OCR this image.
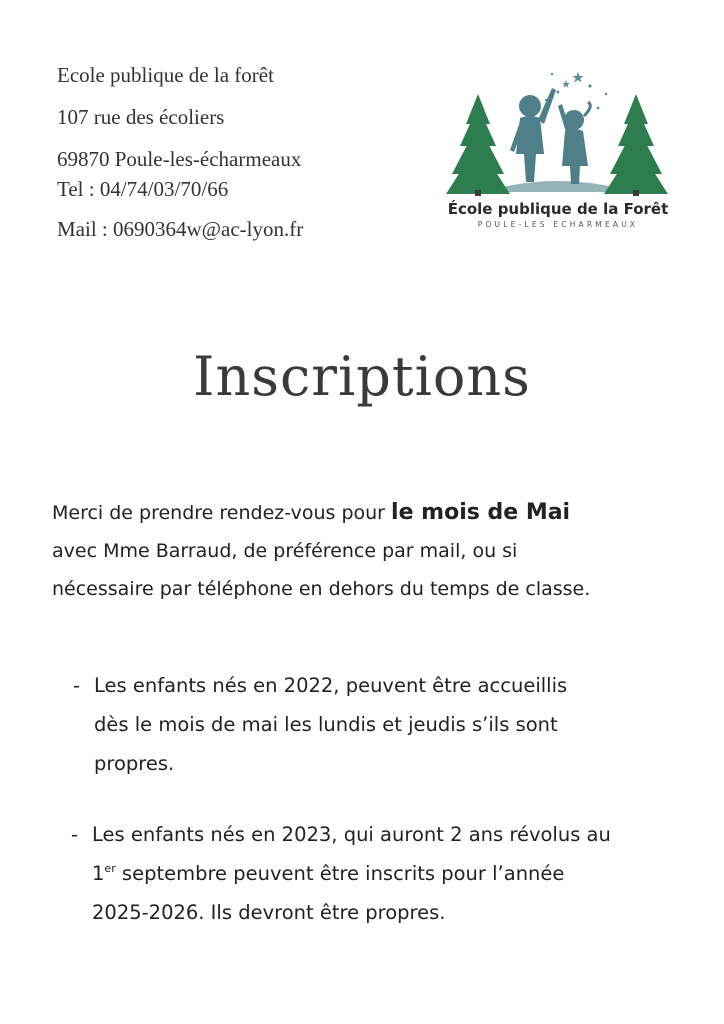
Ecole publique de la forêt
107 rue des écoliers
69870 Poule-les-écharmeaux
Tel : 04/74/03/70/66
Mail : 0690364w@ac-lyon.fr
École publique de la Forêt
POULE-LES ECHARMEAUX
Inscriptions
Merci de prendre rendez-vous pour le mois de Mai
avec Mme Barraud, de préférence par mail, ou si
nécessaire par téléphone en dehors du temps de classe.
- Les enfants nés en 2022, peuvent être accueillis
dès le mois de mai les lundis et jeudis s’ils sont
propres.
- Les enfants nés en 2023, qui auront 2 ans révolus au
1er septembre peuvent être inscrits pour l’année
2025-2026. Ils devront être propres.
